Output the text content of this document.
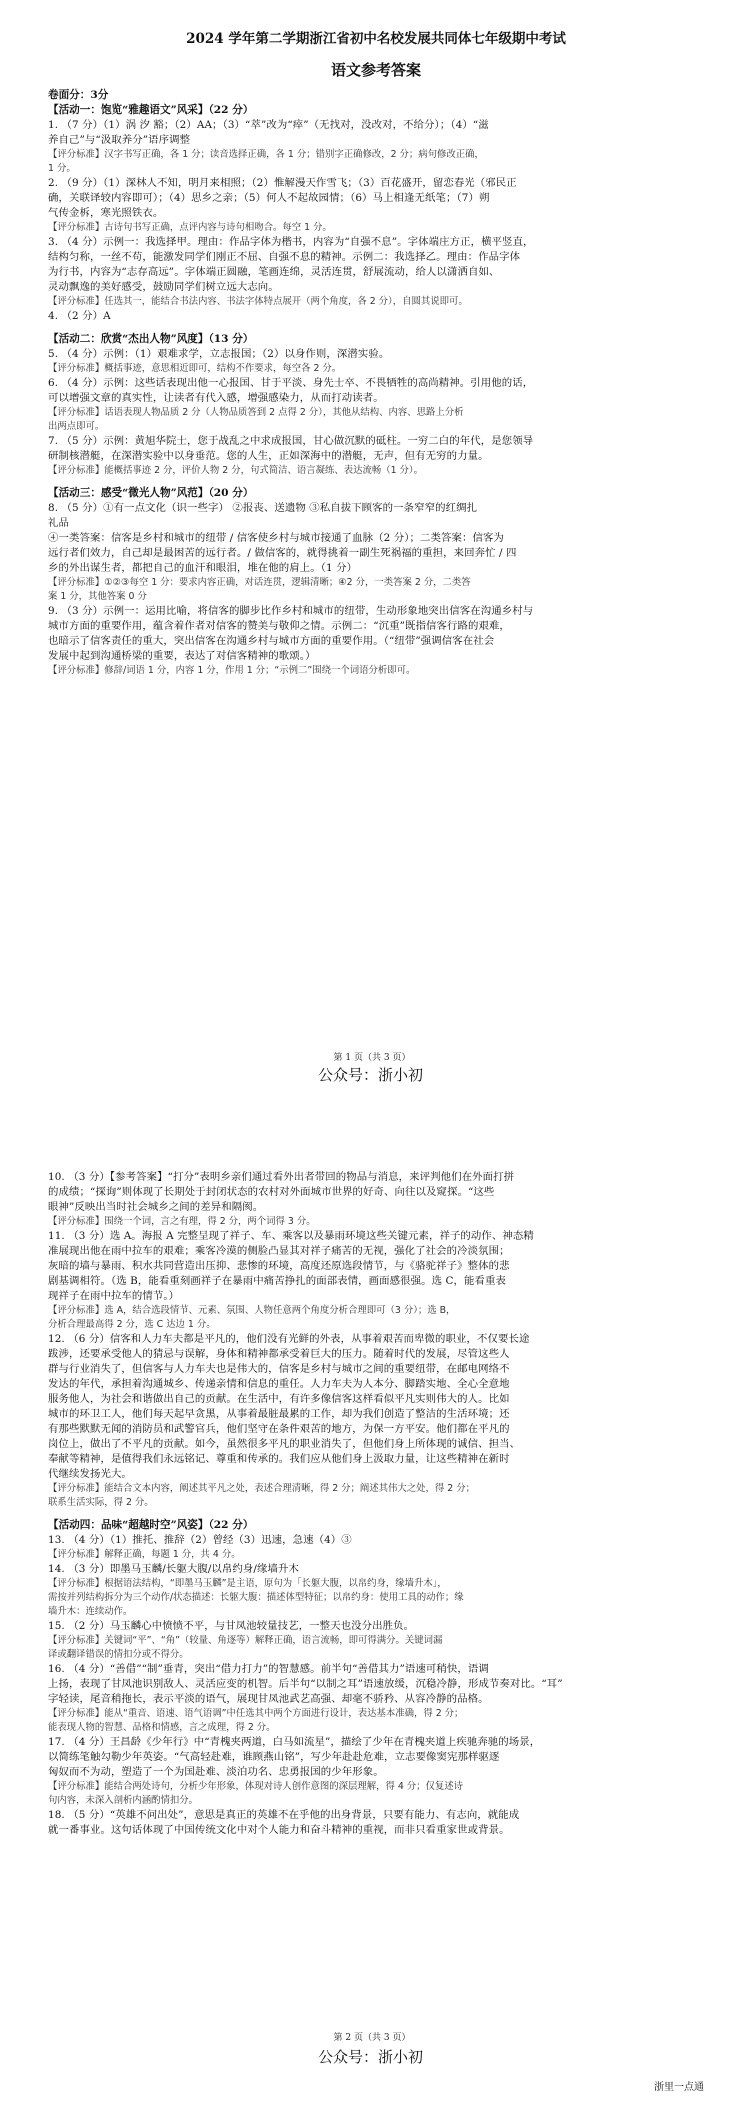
2024 学年第二学期浙江省初中名校发展共同体七年级期中考试
语文参考答案
卷面分：3分
【活动一：饱览“雅趣语文”风采】（22 分）
1. （7 分）（1）涡 汐 豁；（2）AA；（3）“萃”改为“瘁”（无找对，没改对，不给分）；（4）“滋
养自己”与“汲取养分”语序调整
【评分标准】汉字书写正确，各 1 分；读音选择正确，各 1 分；错别字正确修改，2 分；病句修改正确，
1 分。
2. （9 分）（1）深林人不知，明月来相照；（2）惟解漫天作雪飞；（3）百花盛开，留恋春光（邪民正
确，关联译较内容即可）；（4）思乡之亲；（5）何人不起故园情；（6）马上相逢无纸笔；（7）朔
气传金柝，寒光照铁衣。
【评分标准】古诗句书写正确，点评内容与诗句相吻合。每空 1 分。
3. （4 分）示例一：我选择甲。理由：作品字体为楷书，内容为“自强不息”。字体端庄方正，横平竖直，
结构匀称，一丝不苟，能激发同学们刚正不屈、自强不息的精神。示例二：我选择乙。理由：作品字体
为行书，内容为“志存高远”。字体端正圆融，笔画连绵，灵活连贯，舒展流动，给人以潇洒自如、
灵动飘逸的美好感受，鼓励同学们树立远大志向。
【评分标准】任选其一，能结合书法内容、书法字体特点展开（两个角度，各 2 分），自圆其说即可。
4. （2 分）A
【活动二：欣赏“杰出人物”风度】（13 分）
5. （4 分）示例：（1）艰难求学，立志报国；（2）以身作则，深潜实验。
【评分标准】概括事迹，意思相近即可，结构不作要求，每空各 2 分。
6. （4 分）示例：这些话表现出他一心报国、甘于平淡、身先士卒、不畏牺牲的高尚精神。引用他的话，
可以增强文章的真实性，让读者有代入感，增强感染力，从而打动读者。
【评分标准】话语表现人物品质 2 分（人物品质答到 2 点得 2 分），其他从结构、内容、思路上分析
出两点即可。
7. （5 分）示例：黄旭华院士，您于战乱之中求成报国，甘心做沉默的砥柱。一穷二白的年代，是您领导
研制核潜艇，在深潜实验中以身垂范。您的人生，正如深海中的潜艇，无声，但有无穷的力量。
【评分标准】能概括事迹 2 分，评价人物 2 分，句式简洁、语言凝练、表达流畅（1 分）。
【活动三：感受“微光人物”风范】（20 分）
8. （5 分）①有一点文化（识一些字） ②报丧、送遗物 ③私自拔下顾客的一条窄窄的红绸扎
礼品
④一类答案：信客是乡村和城市的纽带 / 信客使乡村与城市接通了血脉（2 分）；二类答案：信客为
远行者们效力，自己却是最困苦的远行者。/ 做信客的，就得挑着一副生死祸福的重担，来回奔忙 / 四
乡的外出谋生者，都把自己的血汗和眼泪，堆在他的肩上。（1 分）
【评分标准】①②③每空 1 分：要求内容正确，对话连贯，逻辑清晰；④2 分，一类答案 2 分，二类答
案 1 分，其他答案 0 分
9. （3 分）示例一：运用比喻，将信客的脚步比作乡村和城市的纽带，生动形象地突出信客在沟通乡村与
城市方面的重要作用，蕴含着作者对信客的赞美与敬仰之情。示例二：“沉重”既指信客行路的艰难，
也暗示了信客责任的重大，突出信客在沟通乡村与城市方面的重要作用。（“纽带”强调信客在社会
发展中起到沟通桥梁的重要，表达了对信客精神的歌颂。）
【评分标准】修辞/词语 1 分，内容 1 分，作用 1 分；“示例二”围绕一个词语分析即可。
第 1 页（共 3 页）
公众号：浙小初
10. （3 分）【参考答案】“打分”表明乡亲们通过看外出者带回的物品与消息，来评判他们在外面打拼
的成绩；“探询”则体现了长期处于封闭状态的农村对外面城市世界的好奇、向往以及窥探。“这些
眼神”反映出当时社会城乡之间的差异和隔阂。
【评分标准】围绕一个词，言之有理，得 2 分，两个词得 3 分。
11. （3 分）选 A。海报 A 完整呈现了祥子、车、乘客以及暴雨环境这些关键元素，祥子的动作、神态精
准展现出他在雨中拉车的艰难；乘客冷漠的侧脸凸显其对祥子痛苦的无视，强化了社会的冷淡氛围；
灰暗的墙与暴雨、积水共同营造出压抑、悲惨的环境，高度还原选段情节，与《骆驼祥子》整体的悲
剧基调相符。（选 B，能看重刻画祥子在暴雨中痛苦挣扎的面部表情，画面感很强。选 C，能看重表
现祥子在雨中拉车的情节。）
【评分标准】选 A，结合选段情节、元素、氛围、人物任意两个角度分析合理即可（3 分）；选 B，
分析合理最高得 2 分，选 C 达边 1 分。
12. （6 分）信客和人力车夫都是平凡的，他们没有光鲜的外表，从事着艰苦而卑微的职业，不仅要长途
跋涉，还要承受他人的猜忌与误解，身体和精神都承受着巨大的压力。随着时代的发展，尽管这些人
群与行业消失了，但信客与人力车夫也是伟大的，信客是乡村与城市之间的重要纽带，在邮电网络不
发达的年代，承担着沟通城乡、传递亲情和信息的重任。人力车夫为人本分、脚踏实地、全心全意地
服务他人，为社会和谐做出自己的贡献。在生活中，有许多像信客这样看似平凡实则伟大的人。比如
城市的环卫工人，他们每天起早贪黑，从事着最脏最累的工作，却为我们创造了整洁的生活环境；还
有那些默默无闻的消防员和武警官兵，他们坚守在条件艰苦的地方，为保一方平安。他们都在平凡的
岗位上，做出了不平凡的贡献。如今，虽然很多平凡的职业消失了，但他们身上所体现的诚信、担当、
奉献等精神，是值得我们永远铭记、尊重和传承的。我们应从他们身上汲取力量，让这些精神在新时
代继续发扬光大。
【评分标准】能结合文本内容，阐述其平凡之处，表述合理清晰，得 2 分；阐述其伟大之处，得 2 分；
联系生活实际，得 2 分。
【活动四：品味“超越时空”风姿】（22 分）
13. （4 分）（1）推托、推辞（2）曾经（3）迅速，急速（4）③
【评分标准】解释正确，每题 1 分，共 4 分。
14. （3 分）即墨马玉麟/长躯大腹/以帛约身/缘墙升木
【评分标准】根据语法结构，“即墨马玉麟”是主语，原句为「长躯大腹，以帛约身，缘墙升木」，
需按并列结构拆分为三个动作/状态描述：长躯大腹：描述体型特征；以帛约身：使用工具的动作；缘
墙升木：连续动作。
15. （2 分）马玉麟心中愤愤不平，与甘凤池较量技艺，一整天也没分出胜负。
【评分标准】关键词“平”、“角”（较量、角逐等）解释正确，语言流畅，即可得满分。关键词漏
译或翻译错误的情扣分或不得分。
16. （4 分）“善借”“制”垂青，突出“借力打力”的智慧感。前半句“善借其力”语速可稍快，语调
上扬，表现了甘凤池识别敌人、灵活应变的机智。后半句“以制之耳”语速放缓，沉稳冷静，形成节奏对比。“耳”
字轻读，尾音稍拖长，表示平淡的语气，展现甘凤池武艺高强、却毫不骄矜、从容冷静的品格。
【评分标准】能从“重音、语速、语气语调”中任选其中两个方面进行设计，表达基本准确，得 2 分；
能表现人物的智慧、品格和情感，言之成理，得 2 分。
17. （4 分）王昌龄《少年行》中“青槐夹两道，白马如流星”，描绘了少年在青槐夹道上疾驰奔驰的场景，
以简练笔触勾勒少年英姿。“气高轻赴难，谁顾燕山铭”，写少年赴赴危难，立志要像窦宪那样驱逐
匈奴而不为动，塑造了一个为国赴难、淡泊功名、忠勇报国的少年形象。
【评分标准】能结合两处诗句，分析少年形象，体现对诗人创作意图的深层理解，得 4 分；仅复述诗
句内容，未深入剖析内涵酌情扣分。
18. （5 分）“英雄不问出处”，意思是真正的英雄不在乎他的出身背景，只要有能力、有志向，就能成
就一番事业。这句话体现了中国传统文化中对个人能力和奋斗精神的重视，而非只看重家世或背景。
第 2 页（共 3 页）
公众号：浙小初
浙里一点通
